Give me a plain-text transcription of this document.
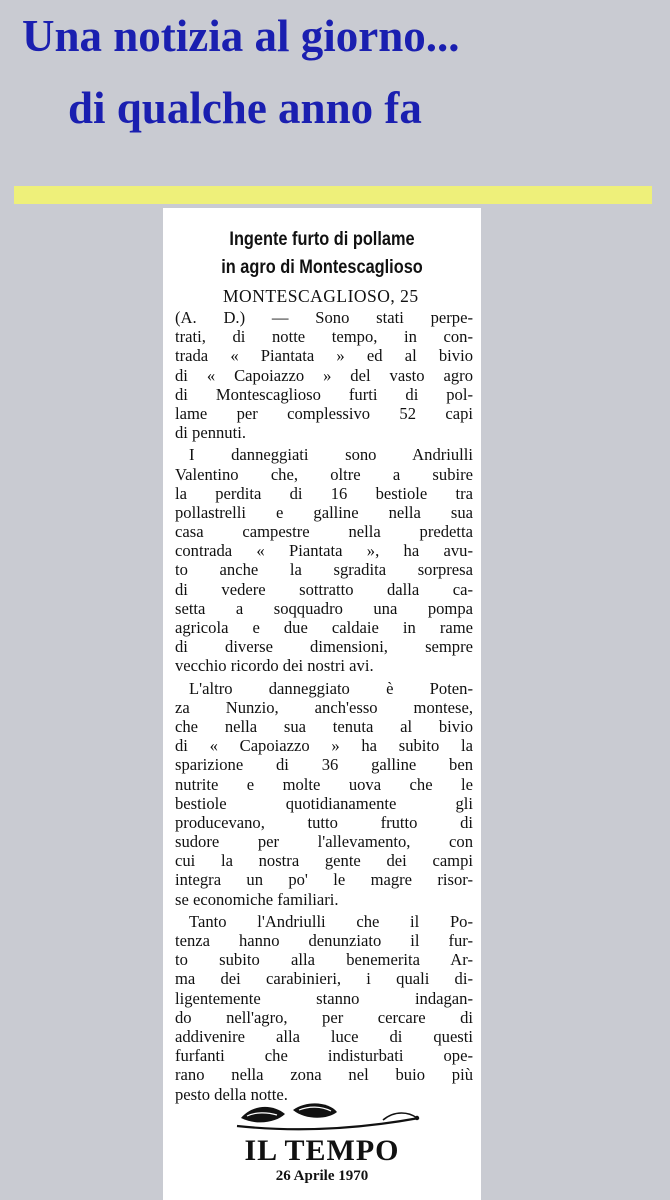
Una notizia al giorno...
di qualche anno fa
Ingente furto di pollame
in agro di Montescaglioso
MONTESCAGLIOSO, 25
(A. D.) — Sono stati perpe-
trati, di notte tempo, in con-
trada « Piantata » ed al bivio
di « Capoiazzo » del vasto agro
di Montescaglioso furti di pol-
lame per complessivo 52 capi
di pennuti.
I danneggiati sono Andriulli
Valentino che, oltre a subire
la perdita di 16 bestiole tra
pollastrelli e galline nella sua
casa campestre nella predetta
contrada « Piantata », ha avu-
to anche la sgradita sorpresa
di vedere sottratto dalla ca-
setta a soqquadro una pompa
agricola e due caldaie in rame
di diverse dimensioni, sempre
vecchio ricordo dei nostri avi.
L'altro danneggiato è Poten-
za Nunzio, anch'esso montese,
che nella sua tenuta al bivio
di « Capoiazzo » ha subito la
sparizione di 36 galline ben
nutrite e molte uova che le
bestiole quotidianamente gli
producevano, tutto frutto di
sudore per l'allevamento, con
cui la nostra gente dei campi
integra un po' le magre risor-
se economiche familiari.
Tanto l'Andriulli che il Po-
tenza hanno denunziato il fur-
to subito alla benemerita Ar-
ma dei carabinieri, i quali di-
ligentemente stanno indagan-
do nell'agro, per cercare di
addivenire alla luce di questi
furfanti che indisturbati ope-
rano nella zona nel buio più
pesto della notte.
IL TEMPO
26 Aprile 1970
